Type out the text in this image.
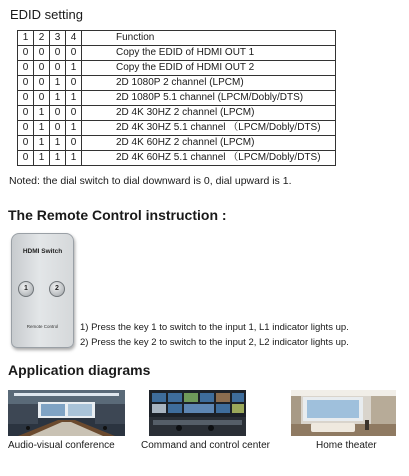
EDID setting
1	2	3	4	Function
0	0	0	0	Copy the EDID of HDMI OUT 1
0	0	0	1	Copy the EDID of HDMI OUT 2
0	0	1	0	2D 1080P 2 channel (LPCM)
0	0	1	1	2D 1080P 5.1 channel (LPCM/Dobly/DTS)
0	1	0	0	2D 4K 30HZ 2 channel (LPCM)
0	1	0	1	2D 4K 30HZ 5.1 channel （LPCM/Dobly/DTS)
0	1	1	0	2D 4K 60HZ 2 channel (LPCM)
0	1	1	1	2D 4K 60HZ 5.1 channel （LPCM/Dobly/DTS)
Noted: the dial switch to dial downward is 0, dial upward is 1.
The Remote Control instruction :
HDMI Switch
1	2
Remote Control	1) Press the key 1 to switch to the input 1, L1 indicator lights up.
2) Press the key 2 to switch to the input 2, L2 indicator lights up.
Application diagrams
Audio-visual conference	Command and control center	Home theater
